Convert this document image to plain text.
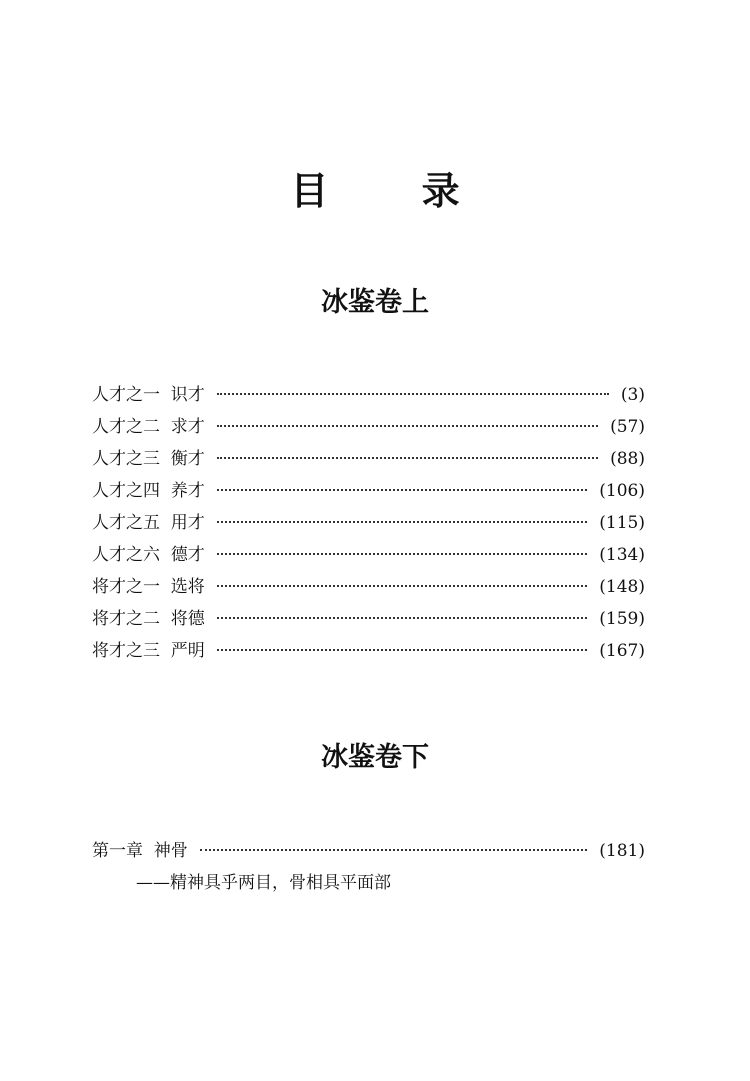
目 录
冰鉴卷上
人才之一  识才	(3)
人才之二  求才	(57)
人才之三  衡才	(88)
人才之四  养才	(106)
人才之五  用才	(115)
人才之六  德才	(134)
将才之一  选将	(148)
将才之二  将德	(159)
将才之三  严明	(167)
冰鉴卷下
第一章  神骨	(181)
——精神具乎两目，骨相具平面部
